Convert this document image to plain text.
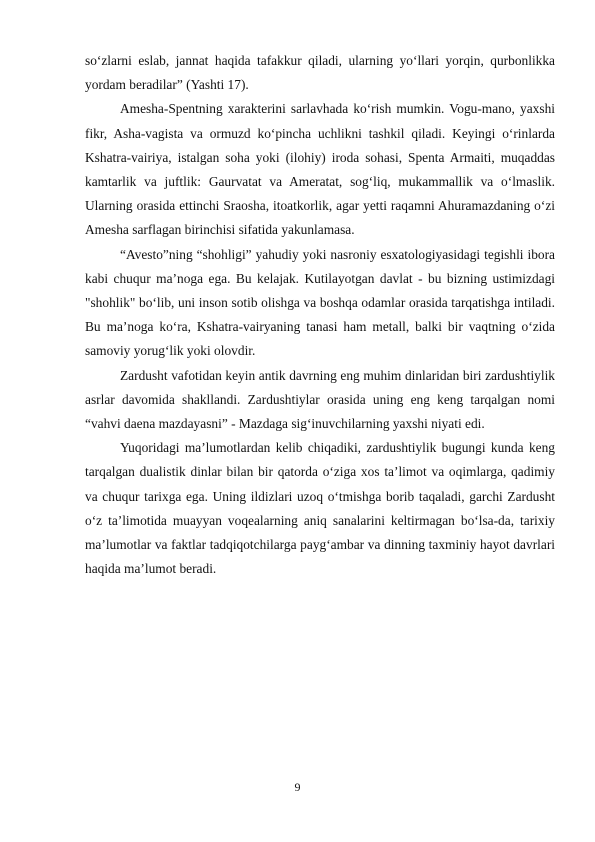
soʻzlarni eslab, jannat haqida tafakkur qiladi, ularning yoʻllari yorqin, qurbonlikka yordam beradilar” (Yashti 17).

Amesha-Spentning xarakterini sarlavhada koʻrish mumkin. Vogu-mano, yaxshi fikr, Asha-vagista va ormuzd koʻpincha uchlikni tashkil qiladi. Keyingi oʻrinlarda Kshatra-vairiya, istalgan soha yoki (ilohiy) iroda sohasi, Spenta Armaiti, muqaddas kamtarlik va juftlik: Gaurvatat va Ameratat, sogʻliq, mukammallik va oʻlmaslik. Ularning orasida ettinchi Sraosha, itoatkorlik, agar yetti raqamni Ahuramazdaning oʻzi Amesha sarflagan birinchisi sifatida yakunlamasa.

“Avesto”ning “shohligi” yahudiy yoki nasroniy esxatologiyasidagi tegishli ibora kabi chuqur ma’noga ega. Bu kelajak. Kutilayotgan davlat - bu bizning ustimizdagi "shohlik" boʻlib, uni inson sotib olishga va boshqa odamlar orasida tarqatishga intiladi. Bu ma’noga koʻra, Kshatra-vairyaning tanasi ham metall, balki bir vaqtning oʻzida samoviy yorugʻlik yoki olovdir.

Zardusht vafotidan keyin antik davrning eng muhim dinlaridan biri zardushtiylik asrlar davomida shakllandi. Zardushtiylar orasida uning eng keng tarqalgan nomi “vahvi daena mazdayasni” - Mazdaga sigʻinuvchilarning yaxshi niyati edi.

Yuqoridagi ma’lumotlardan kelib chiqadiki, zardushtiylik bugungi kunda keng tarqalgan dualistik dinlar bilan bir qatorda oʻziga xos ta’limot va oqimlarga, qadimiy va chuqur tarixga ega. Uning ildizlari uzoq oʻtmishga borib taqaladi, garchi Zardusht oʻz ta’limotida muayyan voqealarning aniq sanalarini keltirmagan boʻlsa-da, tarixiy ma’lumotlar va faktlar tadqiqotchilarga paygʻambar va dinning taxminiy hayot davrlari haqida ma’lumot beradi.

9
